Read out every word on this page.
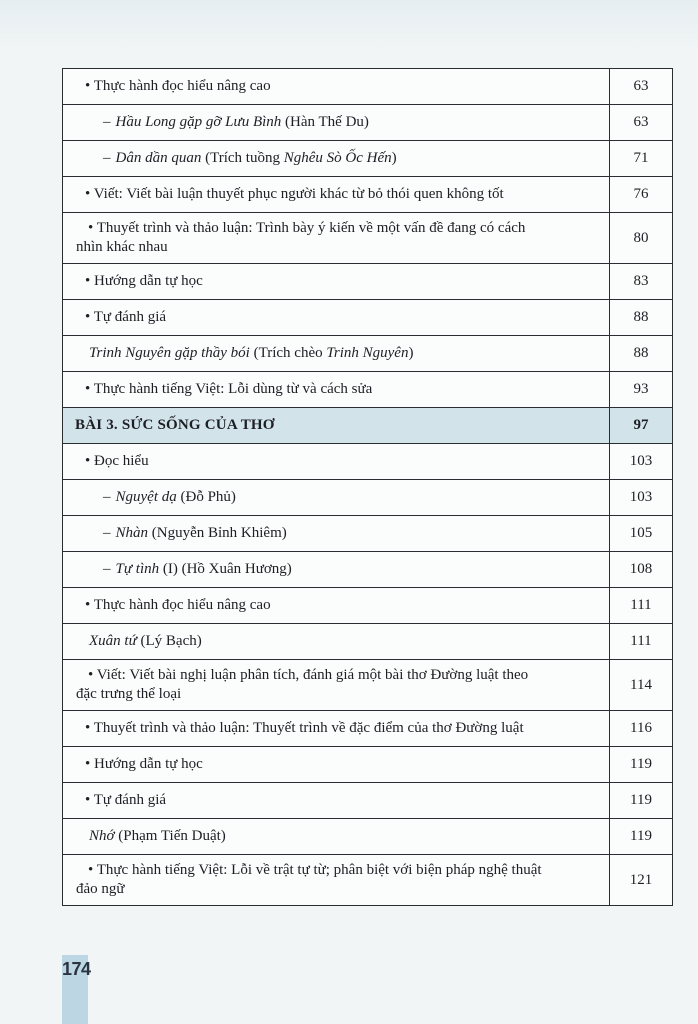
• Thực hành đọc hiểu nâng cao	63
– Hầu Long gặp gỡ Lưu Bình (Hàn Thế Du)	63
– Dân dần quan (Trích tuồng Nghêu Sò Ốc Hến)	71
• Viết: Viết bài luận thuyết phục người khác từ bỏ thói quen không tốt	76
• Thuyết trình và thảo luận: Trình bày ý kiến về một vấn đề đang có cách
nhìn khác nhau	80
• Hướng dẫn tự học	83
• Tự đánh giá	88
Trinh Nguyên gặp thầy bói (Trích chèo Trinh Nguyên)	88
• Thực hành tiếng Việt: Lỗi dùng từ và cách sửa	93
BÀI 3. SỨC SỐNG CỦA THƠ	97
• Đọc hiểu	103
– Nguyệt dạ (Đỗ Phủ)	103
– Nhàn (Nguyễn Bỉnh Khiêm)	105
– Tự tình (I) (Hồ Xuân Hương)	108
• Thực hành đọc hiểu nâng cao	111
Xuân tứ (Lý Bạch)	111
• Viết: Viết bài nghị luận phân tích, đánh giá một bài thơ Đường luật theo
đặc trưng thể loại	114
• Thuyết trình và thảo luận: Thuyết trình về đặc điểm của thơ Đường luật	116
• Hướng dẫn tự học	119
• Tự đánh giá	119
Nhớ (Phạm Tiến Duật)	119
• Thực hành tiếng Việt: Lỗi về trật tự từ; phân biệt với biện pháp nghệ thuật
đảo ngữ	121
174
